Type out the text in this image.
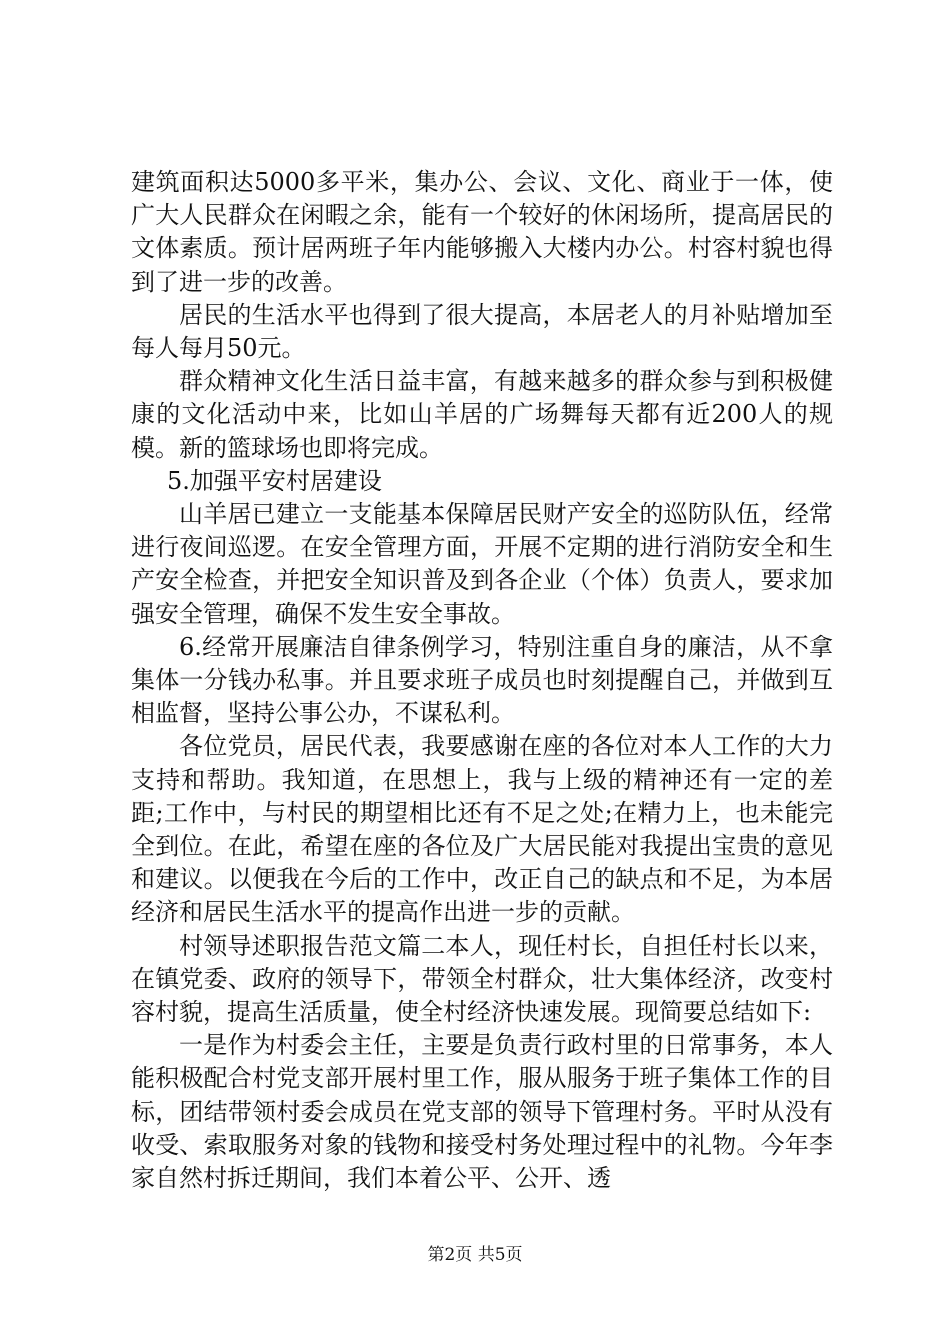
建筑面积达5000多平米，集办公、会议、文化、商业于一体，使广大人民群众在闲暇之余，能有一个较好的休闲场所，提高居民的文体素质。预计居两班子年内能够搬入大楼内办公。村容村貌也得到了进一步的改善。

居民的生活水平也得到了很大提高，本居老人的月补贴增加至每人每月50元。

群众精神文化生活日益丰富，有越来越多的群众参与到积极健康的文化活动中来，比如山羊居的广场舞每天都有近200人的规模。新的篮球场也即将完成。

5.加强平安村居建设

山羊居已建立一支能基本保障居民财产安全的巡防队伍，经常进行夜间巡逻。在安全管理方面，开展不定期的进行消防安全和生产安全检查，并把安全知识普及到各企业（个体）负责人，要求加强安全管理，确保不发生安全事故。

6.经常开展廉洁自律条例学习，特别注重自身的廉洁，从不拿集体一分钱办私事。并且要求班子成员也时刻提醒自己，并做到互相监督，坚持公事公办，不谋私利。

各位党员，居民代表，我要感谢在座的各位对本人工作的大力支持和帮助。我知道，在思想上，我与上级的精神还有一定的差距;工作中，与村民的期望相比还有不足之处;在精力上，也未能完全到位。在此，希望在座的各位及广大居民能对我提出宝贵的意见和建议。以便我在今后的工作中，改正自己的缺点和不足，为本居经济和居民生活水平的提高作出进一步的贡献。

村领导述职报告范文篇二本人，现任村长，自担任村长以来，在镇党委、政府的领导下，带领全村群众，壮大集体经济，改变村容村貌，提高生活质量，使全村经济快速发展。现简要总结如下:

一是作为村委会主任，主要是负责行政村里的日常事务，本人能积极配合村党支部开展村里工作，服从服务于班子集体工作的目标，团结带领村委会成员在党支部的领导下管理村务。平时从没有收受、索取服务对象的钱物和接受村务处理过程中的礼物。今年李家自然村拆迁期间，我们本着公平、公开、透

第2页 共5页
